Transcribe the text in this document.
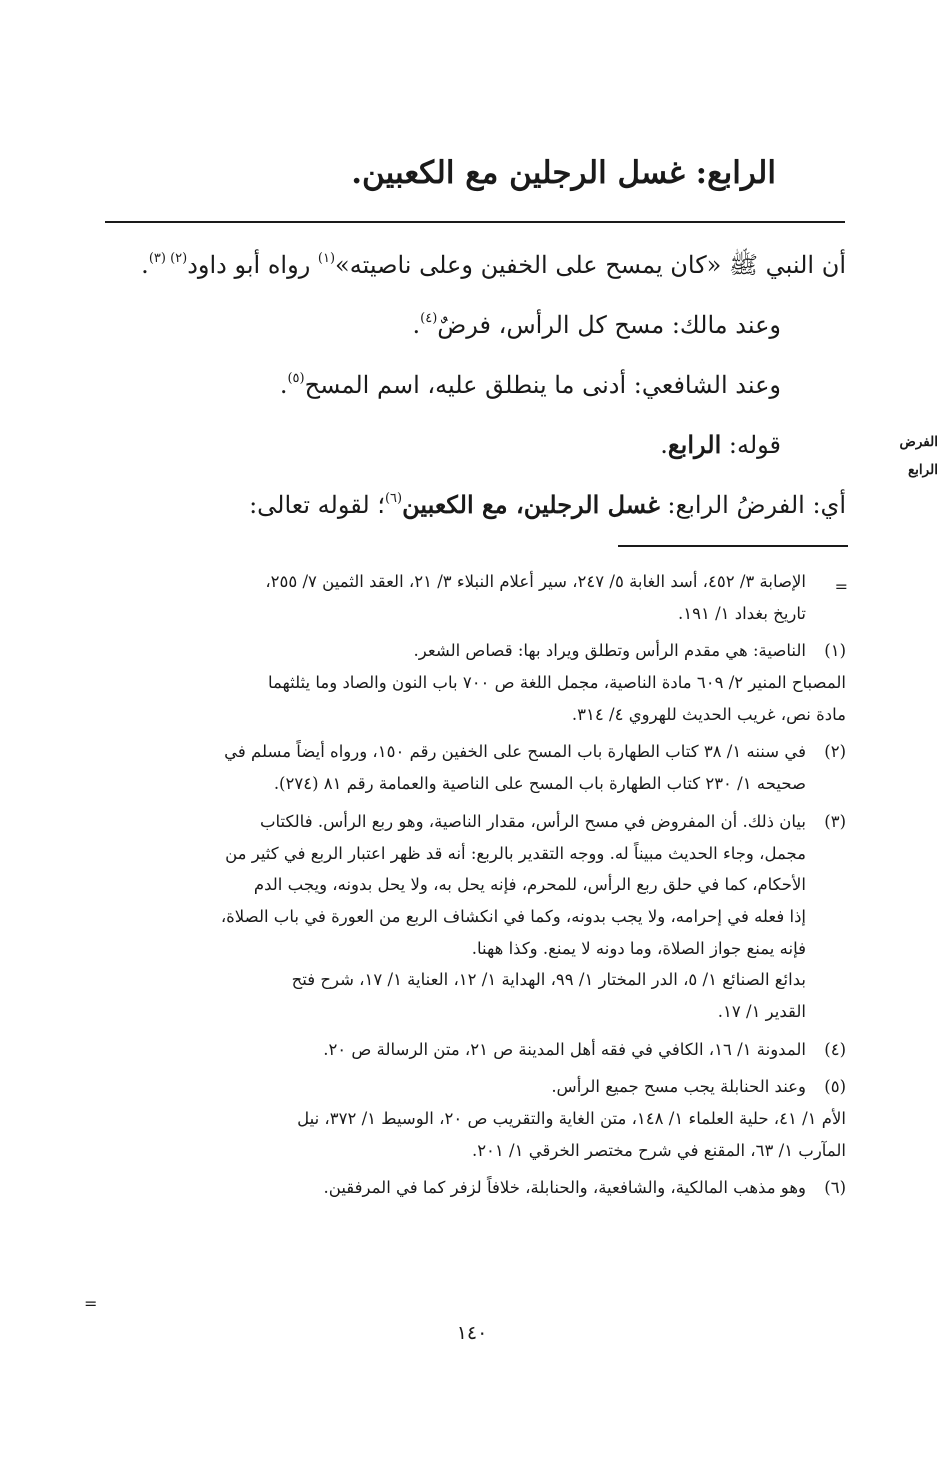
الرابع: غسل الرجلين مع الكعبين.
الفرض
الرابع
أن النبي ﷺ «كان يمسح على الخفين وعلى ناصيته»$^{(١)}$ رواه أبو داود$^{(٢) (٣)}$.
وعند مالك: مسح كل الرأس، فرضٌ$^{(٤)}$.
وعند الشافعي: أدنى ما ينطلق عليه، اسم المسح$^{(٥)}$.
قوله: الرابع.
أي: الفرضُ الرابع: غسل الرجلين، مع الكعبين$^{(٦)}$؛ لقوله تعالى:
=
الإصابة ٣/ ٤٥٢، أسد الغابة ٥/ ٢٤٧، سير أعلام النبلاء ٣/ ٢١، العقد الثمين ٧/ ٢٥٥،
تاريخ بغداد ١/ ١٩١.
(١)
الناصية: هي مقدم الرأس وتطلق ويراد بها: قصاص الشعر.
المصباح المنير ٢/ ٦٠٩ مادة الناصية، مجمل اللغة ص ٧٠٠ باب النون والصاد وما يثلثهما
مادة نص، غريب الحديث للهروي ٤/ ٣١٤.
(٢)
في سننه ١/ ٣٨ كتاب الطهارة باب المسح على الخفين رقم ١٥٠، ورواه أيضاً مسلم في
صحيحه ١/ ٢٣٠ كتاب الطهارة باب المسح على الناصية والعمامة رقم ٨١ (٢٧٤).
(٣)
بيان ذلك. أن المفروض في مسح الرأس، مقدار الناصية، وهو ربع الرأس. فالكتاب
مجمل، وجاء الحديث مبيناً له. ووجه التقدير بالربع: أنه قد ظهر اعتبار الربع في كثير من
الأحكام، كما في حلق ربع الرأس، للمحرم، فإنه يحل به، ولا يحل بدونه، ويجب الدم
إذا فعله في إحرامه، ولا يجب بدونه، وكما في انكشاف الربع من العورة في باب الصلاة،
فإنه يمنع جواز الصلاة، وما دونه لا يمنع. وكذا ههنا.
بدائع الصنائع ١/ ٥، الدر المختار ١/ ٩٩، الهداية ١/ ١٢، العناية ١/ ١٧، شرح فتح
القدير ١/ ١٧.
(٤)
المدونة ١/ ١٦، الكافي في فقه أهل المدينة ص ٢١، متن الرسالة ص ٢٠.
(٥)
وعند الحنابلة يجب مسح جميع الرأس.
الأم ١/ ٤١، حلية العلماء ١/ ١٤٨، متن الغاية والتقريب ص ٢٠، الوسيط ١/ ٣٧٢، نيل
المآرب ١/ ٦٣، المقنع في شرح مختصر الخرقي ١/ ٢٠١.
(٦)
وهو مذهب المالكية، والشافعية، والحنابلة، خلافاً لزفر كما في المرفقين.
=
١٤٠
